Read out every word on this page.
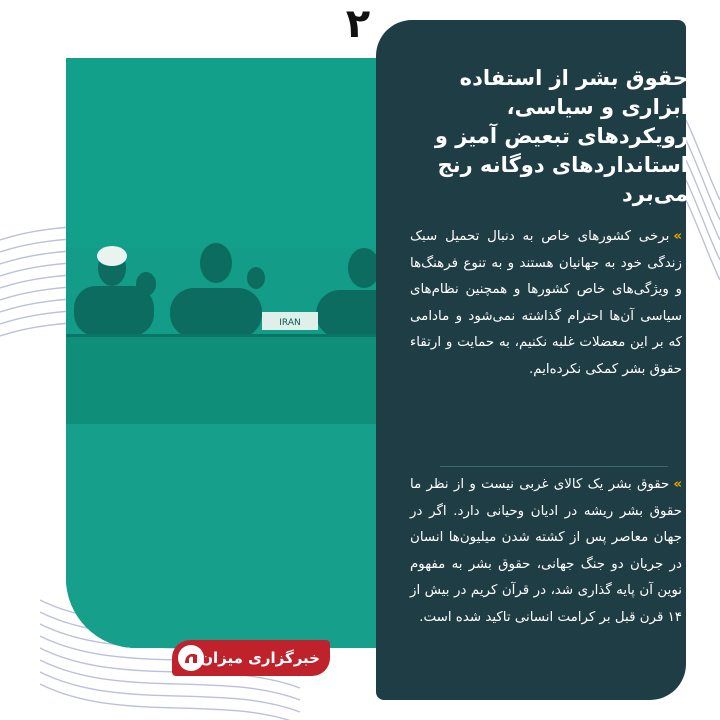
IRAN
۲
حقوق بشر از استفاده ابزاری و سیاسی، رویکردهای تبعیض آمیز و استانداردهای دوگانه رنج می‌برد
»برخی کشورهای خاص به دنبال تحمیل سبک زندگی خود به جهانیان هستند و به تنوع فرهنگ‌ها و ویژگی‌های خاص کشورها و همچنین نظام‌های سیاسی آن‌ها احترام گذاشته نمی‌شود و مادامی که بر این معضلات غلبه نکنیم، به حمایت و ارتقاء حقوق بشر کمکی نکرده‌ایم.
»حقوق بشر یک کالای غربی نیست و از نظر ما حقوق بشر ریشه در ادیان وحیانی دارد. اگر در جهان معاصر پس از کشته شدن میلیون‌ها انسان در جریان دو جنگ جهانی، حقوق بشر به مفهوم نوین آن پایه گذاری شد، در قرآن کریم در بیش از ۱۴ قرن قبل بر کرامت انسانی تاکید شده است.
خبرگزاری میزان
